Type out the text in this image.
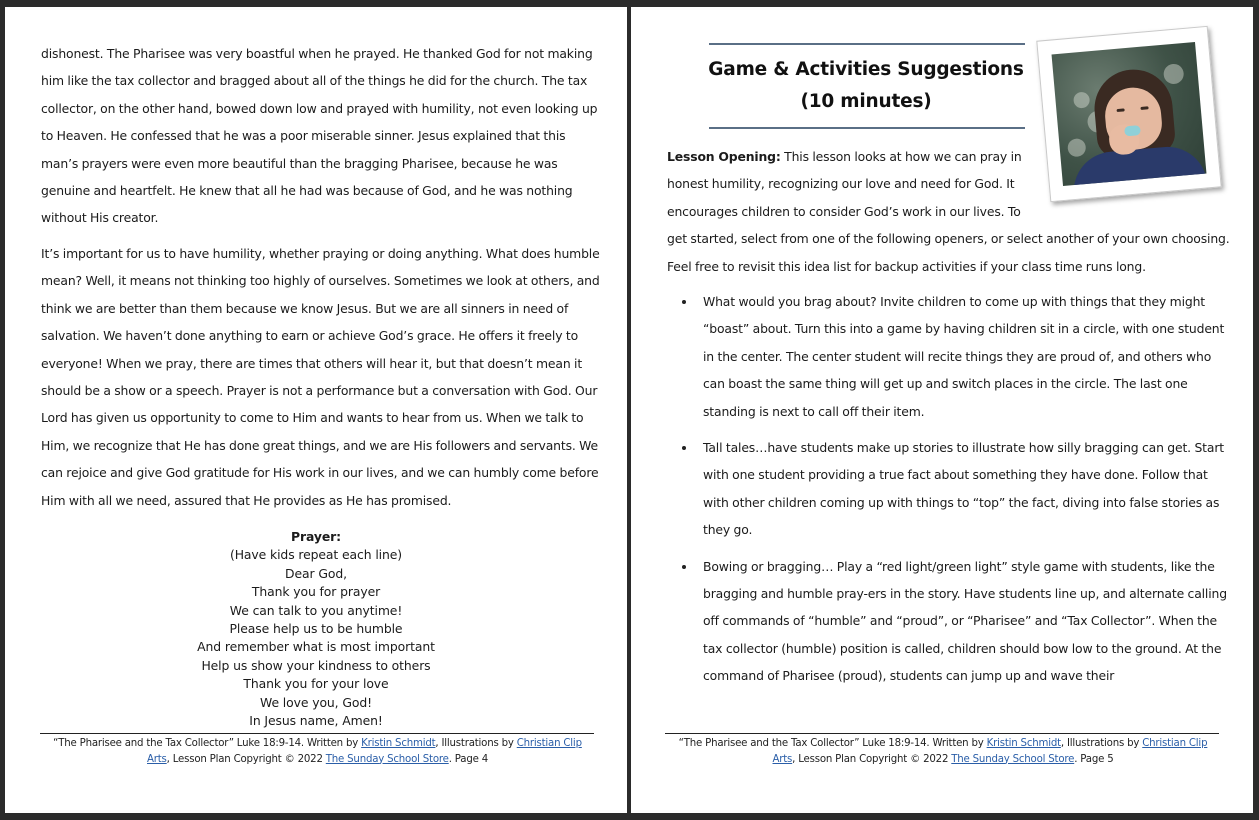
dishonest. The Pharisee was very boastful when he prayed. He thanked God for not making him like the tax collector and bragged about all of the things he did for the church. The tax collector, on the other hand, bowed down low and prayed with humility, not even looking up to Heaven. He confessed that he was a poor miserable sinner. Jesus explained that this man’s prayers were even more beautiful than the bragging Pharisee, because he was genuine and heartfelt. He knew that all he had was because of God, and he was nothing without His creator.

It’s important for us to have humility, whether praying or doing anything. What does humble mean? Well, it means not thinking too highly of ourselves. Sometimes we look at others, and think we are better than them because we know Jesus. But we are all sinners in need of salvation. We haven’t done anything to earn or achieve God’s grace. He offers it freely to everyone! When we pray, there are times that others will hear it, but that doesn’t mean it should be a show or a speech. Prayer is not a performance but a conversation with God. Our Lord has given us opportunity to come to Him and wants to hear from us. When we talk to Him, we recognize that He has done great things, and we are His followers and servants. We can rejoice and give God gratitude for His work in our lives, and we can humbly come before Him with all we need, assured that He provides as He has promised.

Prayer:
(Have kids repeat each line)
Dear God,
Thank you for prayer
We can talk to you anytime!
Please help us to be humble
And remember what is most important
Help us show your kindness to others
Thank you for your love
We love you, God!
In Jesus name, Amen!
“The Pharisee and the Tax Collector” Luke 18:9-14. Written by Kristin Schmidt, Illustrations by Christian Clip Arts, Lesson Plan Copyright © 2022 The Sunday School Store. Page 4
Game & Activities Suggestions
(10 minutes)
Lesson Opening: This lesson looks at how we can pray in honest humility, recognizing our love and need for God. It encourages children to consider God’s work in our lives. To
get started, select from one of the following openers, or select another of your own choosing. Feel free to revisit this idea list for backup activities if your class time runs long.
What would you brag about? Invite children to come up with things that they might “boast” about. Turn this into a game by having children sit in a circle, with one student in the center. The center student will recite things they are proud of, and others who can boast the same thing will get up and switch places in the circle. The last one standing is next to call off their item.
Tall tales…have students make up stories to illustrate how silly bragging can get. Start with one student providing a true fact about something they have done. Follow that with other children coming up with things to “top” the fact, diving into false stories as they go.
Bowing or bragging… Play a “red light/green light” style game with students, like the bragging and humble pray-ers in the story. Have students line up, and alternate calling off commands of “humble” and “proud”, or “Pharisee” and “Tax Collector”. When the tax collector (humble) position is called, children should bow low to the ground. At the command of Pharisee (proud), students can jump up and wave their
“The Pharisee and the Tax Collector” Luke 18:9-14. Written by Kristin Schmidt, Illustrations by Christian Clip Arts, Lesson Plan Copyright © 2022 The Sunday School Store. Page 5
